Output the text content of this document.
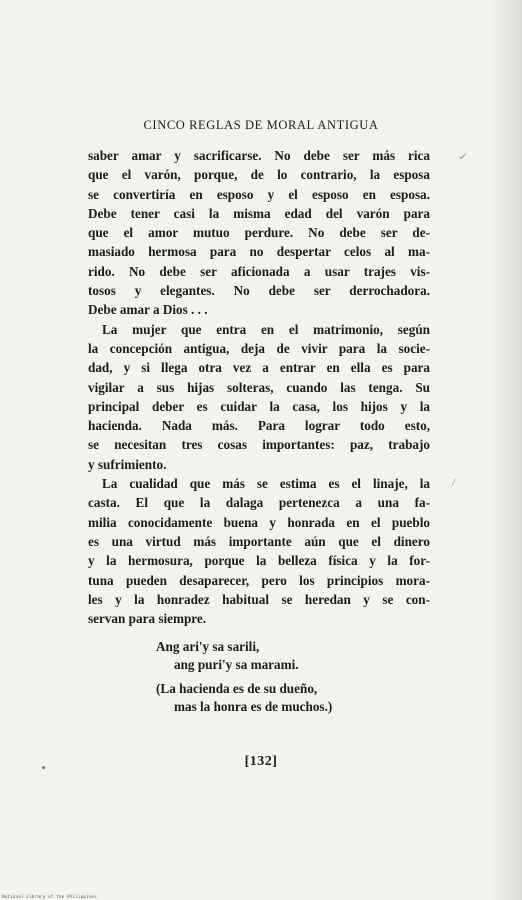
CINCO REGLAS DE MORAL ANTIGUA
saber amar y sacrificarse. No debe ser más rica
que el varón, porque, de lo contrario, la esposa
se convertiría en esposo y el esposo en esposa.
Debe tener casi la misma edad del varón para
que el amor mutuo perdure. No debe ser de-
masiado hermosa para no despertar celos al ma-
rido. No debe ser aficionada a usar trajes vis-
tosos y elegantes. No debe ser derrochadora.
Debe amar a Dios . . .
La mujer que entra en el matrimonio, según
la concepción antigua, deja de vivir para la socie-
dad, y si llega otra vez a entrar en ella es para
vigilar a sus hijas solteras, cuando las tenga. Su
principal deber es cuidar la casa, los hijos y la
hacienda. Nada más. Para lograr todo esto,
se necesitan tres cosas importantes: paz, trabajo
y sufrimiento.
La cualidad que más se estima es el linaje, la
casta. El que la dalaga pertenezca a una fa-
milia conocidamente buena y honrada en el pueblo
es una virtud más importante aún que el dinero
y la hermosura, porque la belleza física y la for-
tuna pueden desaparecer, pero los principios mora-
les y la honradez habitual se heredan y se con-
servan para siempre.
Ang ari'y sa sarili,
ang puri'y sa marami.
(La hacienda es de su dueño,
mas la honra es de muchos.)
[132]
✓
/
National Library of the Philippines
